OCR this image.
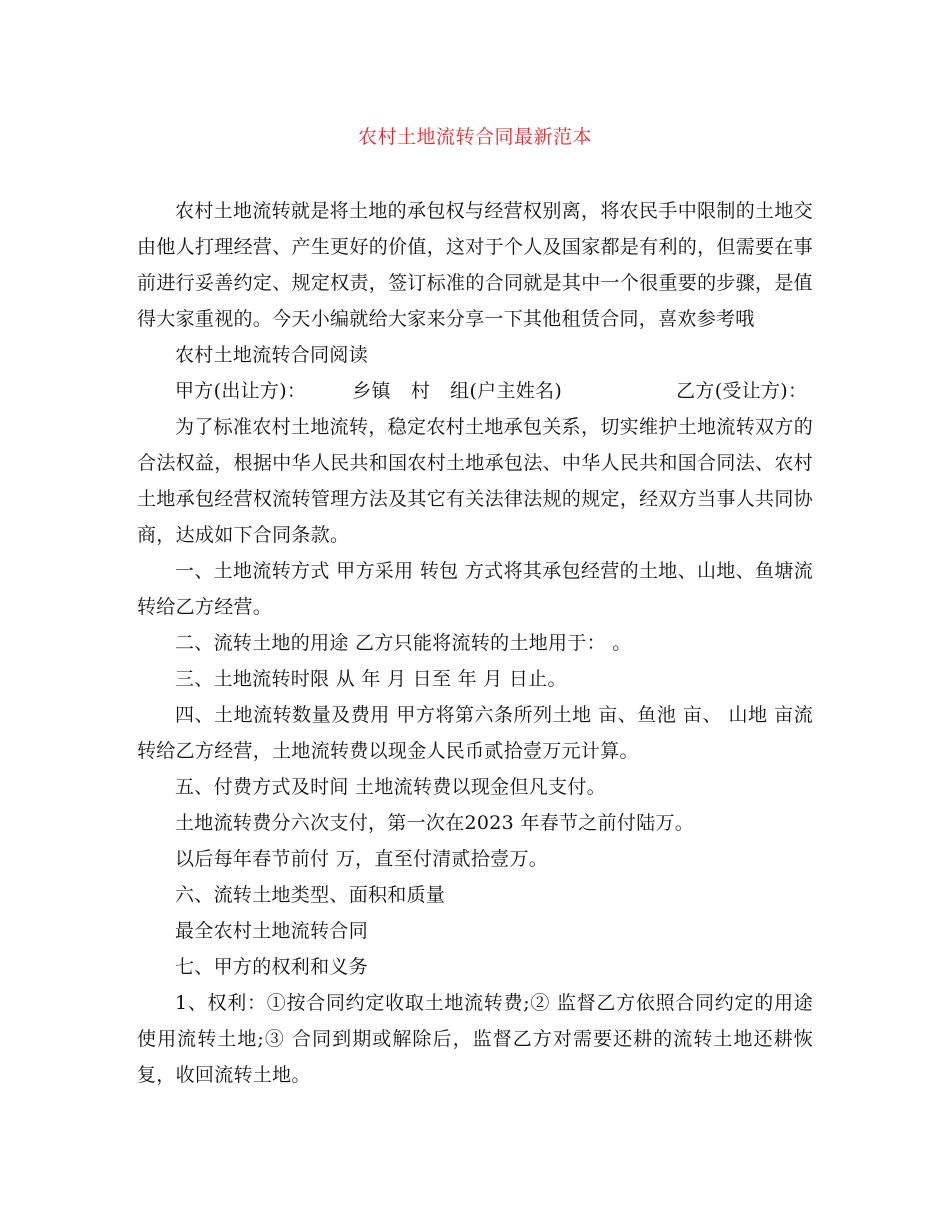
农村土地流转合同最新范本

农村土地流转就是将土地的承包权与经营权别离，将农民手中限制的土地交由他人打理经营、产生更好的价值，这对于个人及国家都是有利的，但需要在事前进行妥善约定、规定权责，签订标准的合同就是其中一个很重要的步骤，是值得大家重视的。今天小编就给大家来分享一下其他租赁合同，喜欢参考哦

农村土地流转合同阅读

甲方(出让方)： 乡镇 村 组(户主姓名)	乙方(受让方)：

为了标准农村土地流转，稳定农村土地承包关系，切实维护土地流转双方的合法权益，根据中华人民共和国农村土地承包法、中华人民共和国合同法、农村土地承包经营权流转管理方法及其它有关法律法规的规定，经双方当事人共同协商，达成如下合同条款。

一、土地流转方式 甲方采用 转包 方式将其承包经营的土地、山地、鱼塘流转给乙方经营。

二、流转土地的用途 乙方只能将流转的土地用于： 。

三、土地流转时限 从 年 月 日至 年 月 日止。

四、土地流转数量及费用 甲方将第六条所列土地 亩、鱼池 亩、 山地 亩流转给乙方经营，土地流转费以现金人民币贰拾壹万元计算。

五、付费方式及时间 土地流转费以现金但凡支付。

土地流转费分六次支付，第一次在2023 年春节之前付陆万。

以后每年春节前付 万，直至付清贰拾壹万。

六、流转土地类型、面积和质量

最全农村土地流转合同

七、甲方的权利和义务

1、权利：①按合同约定收取土地流转费;② 监督乙方依照合同约定的用途使用流转土地;③ 合同到期或解除后，监督乙方对需要还耕的流转土地还耕恢复，收回流转土地。
